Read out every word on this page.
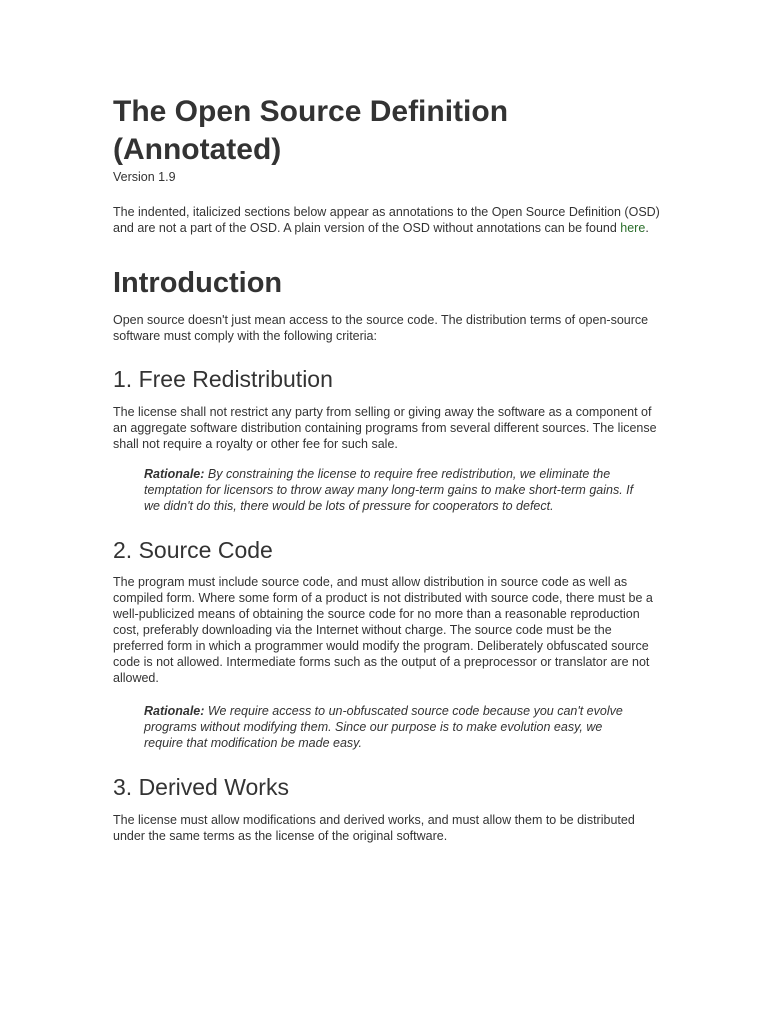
The Open Source Definition
(Annotated)

Version 1.9

The indented, italicized sections below appear as annotations to the Open Source Definition (OSD) and are not a part of the OSD. A plain version of the OSD without annotations can be found here.

Introduction

Open source doesn't just mean access to the source code. The distribution terms of open-source software must comply with the following criteria:

1. Free Redistribution

The license shall not restrict any party from selling or giving away the software as a component of an aggregate software distribution containing programs from several different sources. The license shall not require a royalty or other fee for such sale.

Rationale: By constraining the license to require free redistribution, we eliminate the temptation for licensors to throw away many long-term gains to make short-term gains. If we didn't do this, there would be lots of pressure for cooperators to defect.

2. Source Code

The program must include source code, and must allow distribution in source code as well as compiled form. Where some form of a product is not distributed with source code, there must be a well-publicized means of obtaining the source code for no more than a reasonable reproduction cost, preferably downloading via the Internet without charge. The source code must be the preferred form in which a programmer would modify the program. Deliberately obfuscated source code is not allowed. Intermediate forms such as the output of a preprocessor or translator are not allowed.

Rationale: We require access to un-obfuscated source code because you can't evolve programs without modifying them. Since our purpose is to make evolution easy, we require that modification be made easy.

3. Derived Works

The license must allow modifications and derived works, and must allow them to be distributed under the same terms as the license of the original software.
